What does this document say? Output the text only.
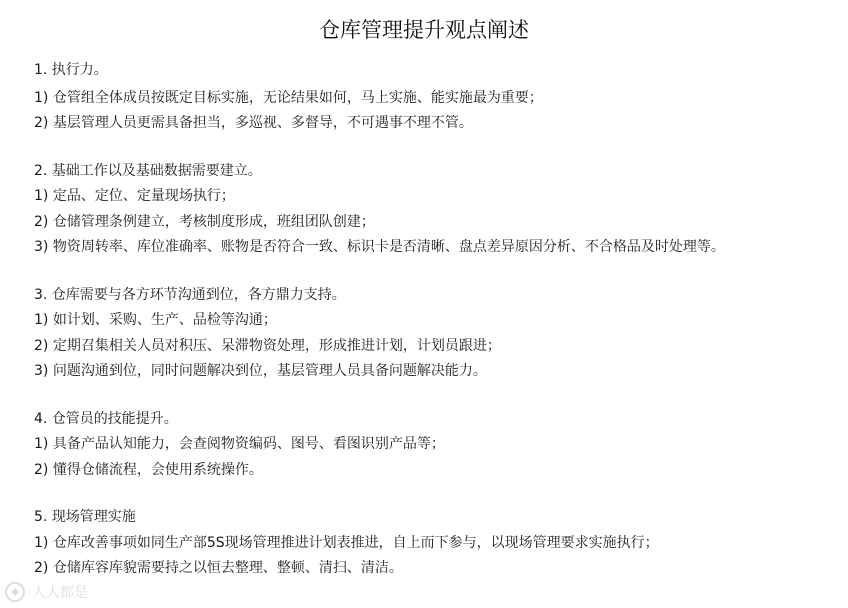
仓库管理提升观点阐述
1. 执行力。
1) 仓管组全体成员按既定目标实施，无论结果如何，马上实施、能实施最为重要；
2) 基层管理人员更需具备担当，多巡视、多督导，不可遇事不理不管。
2. 基础工作以及基础数据需要建立。
1) 定品、定位、定量现场执行；
2) 仓储管理条例建立，考核制度形成，班组团队创建；
3) 物资周转率、库位准确率、账物是否符合一致、标识卡是否清晰、盘点差异原因分析、不合格品及时处理等。
3. 仓库需要与各方环节沟通到位，各方鼎力支持。
1) 如计划、采购、生产、品检等沟通；
2) 定期召集相关人员对积压、呆滞物资处理，形成推进计划，计划员跟进；
3) 问题沟通到位，同时问题解决到位，基层管理人员具备问题解决能力。
4. 仓管员的技能提升。
1) 具备产品认知能力，会查阅物资编码、图号、看图识别产品等；
2) 懂得仓储流程，会使用系统操作。
5. 现场管理实施
1) 仓库改善事项如同生产部5S现场管理推进计划表推进，自上而下参与，以现场管理要求实施执行；
2) 仓储库容库貌需要持之以恒去整理、整顿、清扫、清洁。
人人都是
